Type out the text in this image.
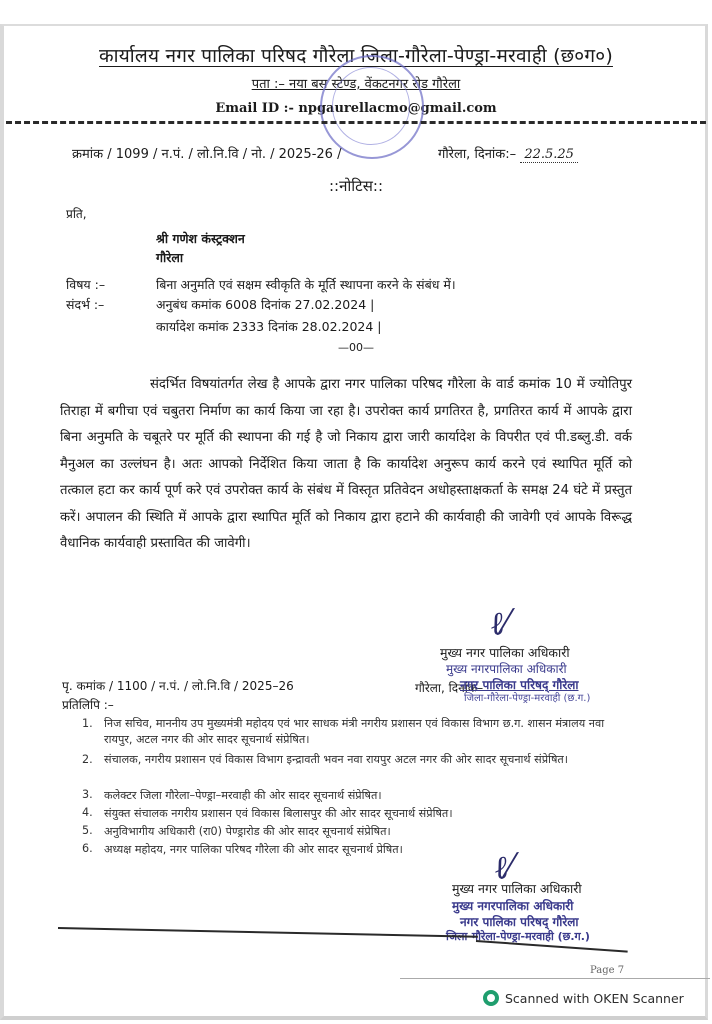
कार्यालय नगर पालिका परिषद गौरेला जिला-गौरेला-पेण्ड्रा-मरवाही (छ०ग०)
पता :– नया बस स्टेण्ड, वेंकटनगर रोड गौरेला
Email ID :- npgaurellacmo@gmail.com
क्रमांक / 1099 / न.पं. / लो.नि.वि / नो. / 2025-26 /	गौरेला, दिनांक:– 22.5.25
::नोटिस::
प्रति,
श्री गणेश कंस्ट्रक्शन
गौरेला
विषय :–	बिना अनुमति एवं सक्षम स्वीकृति के मूर्ति स्थापना करने के संबंध में।
संदर्भ :–	अनुबंध कमांक 6008 दिनांक 27.02.2024 |
कार्यादेश कमांक 2333 दिनांक 28.02.2024 |
—00—
संदर्भित विषयांतर्गत लेख है आपके द्वारा नगर पालिका परिषद गौरेला के वार्ड कमांक 10 में ज्योतिपुर तिराहा में बगीचा एवं चबुतरा निर्माण का कार्य किया जा रहा है। उपरोक्त कार्य प्रगतिरत है, प्रगतिरत कार्य में आपके द्वारा बिना अनुमति के चबूतरे पर मूर्ति की स्थापना की गई है जो निकाय द्वारा जारी कार्यादेश के विपरीत एवं पी.डब्लु.डी. वर्क मैनुअल का उल्लंघन है। अतः आपको निर्देशित किया जाता है कि कार्यादेश अनुरूप कार्य करने एवं स्थापित मूर्ति को तत्काल हटा कर कार्य पूर्ण करे एवं उपरोक्त कार्य के संबंध में विस्तृत प्रतिवेदन अधोहस्ताक्षकर्ता के समक्ष 24 घंटे में प्रस्तुत करें। अपालन की स्थिति में आपके द्वारा स्थापित मूर्ति को निकाय द्वारा हटाने की कार्यवाही की जावेगी एवं आपके विरूद्ध वैधानिक कार्यवाही प्रस्तावित की जावेगी।
ℓ⁄
मुख्य नगर पालिका अधिकारी
मुख्य नगरपालिका अधिकारी
गौरेला, दिनांक–
नगर पालिका परिषद् गौरेला
जिला-गौरेला-पेण्ड्रा-मरवाही (छ.ग.)
पृ. कमांक / 1100 / न.पं. / लो.नि.वि / 2025–26
प्रतिलिपि :–
1. निज सचिव, माननीय उप मुख्यमंत्री महोदय एवं भार साधक मंत्री नगरीय प्रशासन एवं विकास विभाग छ.ग. शासन मंत्रालय नवा रायपुर, अटल नगर की ओर सादर सूचनार्थ संप्रेषित।
2. संचालक, नगरीय प्रशासन एवं विकास विभाग इन्द्रावती भवन नवा रायपुर अटल नगर की ओर सादर सूचनार्थ संप्रेषित।
3. कलेक्टर जिला गौरेला–पेण्ड्रा–मरवाही की ओर सादर सूचनार्थ संप्रेषित।
4. संयुक्त संचालक नगरीय प्रशासन एवं विकास बिलासपुर की ओर सादर सूचनार्थ संप्रेषित।
5. अनुविभागीय अधिकारी (रा0) पेण्ड्रारोड की ओर सादर सूचनार्थ संप्रेषित।
6. अध्यक्ष महोदय, नगर पालिका परिषद गौरेला की ओर सादर सूचनार्थ प्रेषित।	ℓ⁄
मुख्य नगर पालिका अधिकारी
मुख्य नगरपालिका अधिकारी
नगर पालिका परिषद् गौरेला
जिला-गौरेला-पेण्ड्रा-मरवाही (छ.ग.)
Page 7
Scanned with OKEN Scanner
